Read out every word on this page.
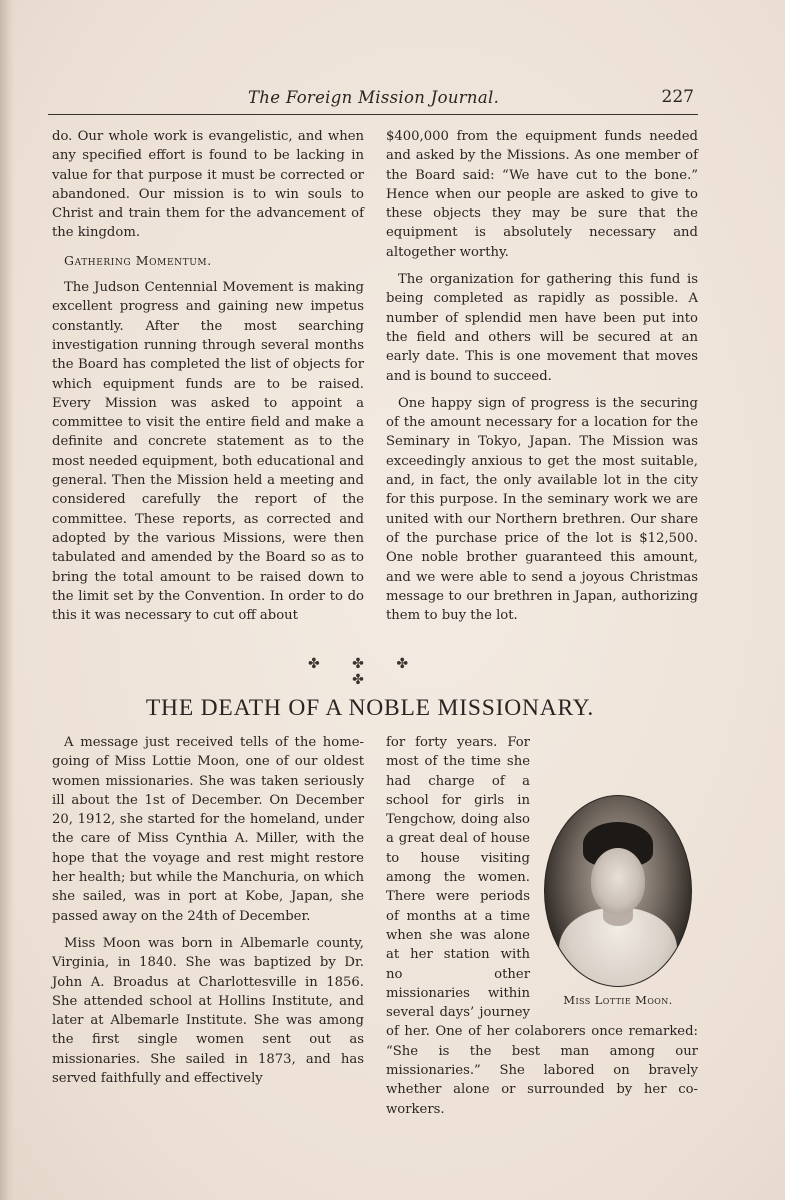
The Foreign Mission Journal.	227

do. Our whole work is evangelistic, and when any specified effort is found to be lacking in value for that purpose it must be corrected or abandoned. Our mission is to win souls to Christ and train them for the advancement of the kingdom.

Gathering Momentum.

The Judson Centennial Movement is making excellent progress and gaining new impetus constantly. After the most searching investigation running through several months the Board has completed the list of objects for which equipment funds are to be raised. Every Mission was asked to appoint a committee to visit the entire field and make a definite and concrete statement as to the most needed equipment, both educational and general. Then the Mission held a meeting and considered carefully the report of the committee. These reports, as corrected and adopted by the various Missions, were then tabulated and amended by the Board so as to bring the total amount to be raised down to the limit set by the Convention. In order to do this it was necessary to cut off about

$400,000 from the equipment funds needed and asked by the Missions. As one member of the Board said: “We have cut to the bone.” Hence when our people are asked to give to these objects they may be sure that the equipment is absolutely necessary and altogether worthy.

The organization for gathering this fund is being completed as rapidly as possible. A number of splendid men have been put into the field and others will be secured at an early date. This is one movement that moves and is bound to succeed.

One happy sign of progress is the securing of the amount necessary for a location for the Seminary in Tokyo, Japan. The Mission was exceedingly anxious to get the most suitable, and, in fact, the only available lot in the city for this purpose. In the seminary work we are united with our Northern brethren. Our share of the purchase price of the lot is $12,500. One noble brother guaranteed this amount, and we were able to send a joyous Christmas message to our brethren in Japan, authorizing them to buy the lot.

✤ ✤ ✤ ✤
THE DEATH OF A NOBLE MISSIONARY.

A message just received tells of the home-going of Miss Lottie Moon, one of our oldest women missionaries. She was taken seriously ill about the 1st of December. On December 20, 1912, she started for the homeland, under the care of Miss Cynthia A. Miller, with the hope that the voyage and rest might restore her health; but while the Manchuria, on which she sailed, was in port at Kobe, Japan, she passed away on the 24th of December.

Miss Moon was born in Albemarle county, Virginia, in 1840. She was baptized by Dr. John A. Broadus at Charlottesville in 1856. She attended school at Hollins Institute, and later at Albemarle Institute. She was among the first single women sent out as missionaries. She sailed in 1873, and has served faithfully and effectively

Miss Lottie Moon.

for forty years. For most of the time she had charge of a school for girls in Tengchow, doing also a great deal of house to house visiting among the women. There were periods of months at a time when she was alone at her station with no other missionaries within several days’ journey of her. One of her colaborers once remarked: “She is the best man among our missionaries.” She labored on bravely whether alone or surrounded by her co-workers.
